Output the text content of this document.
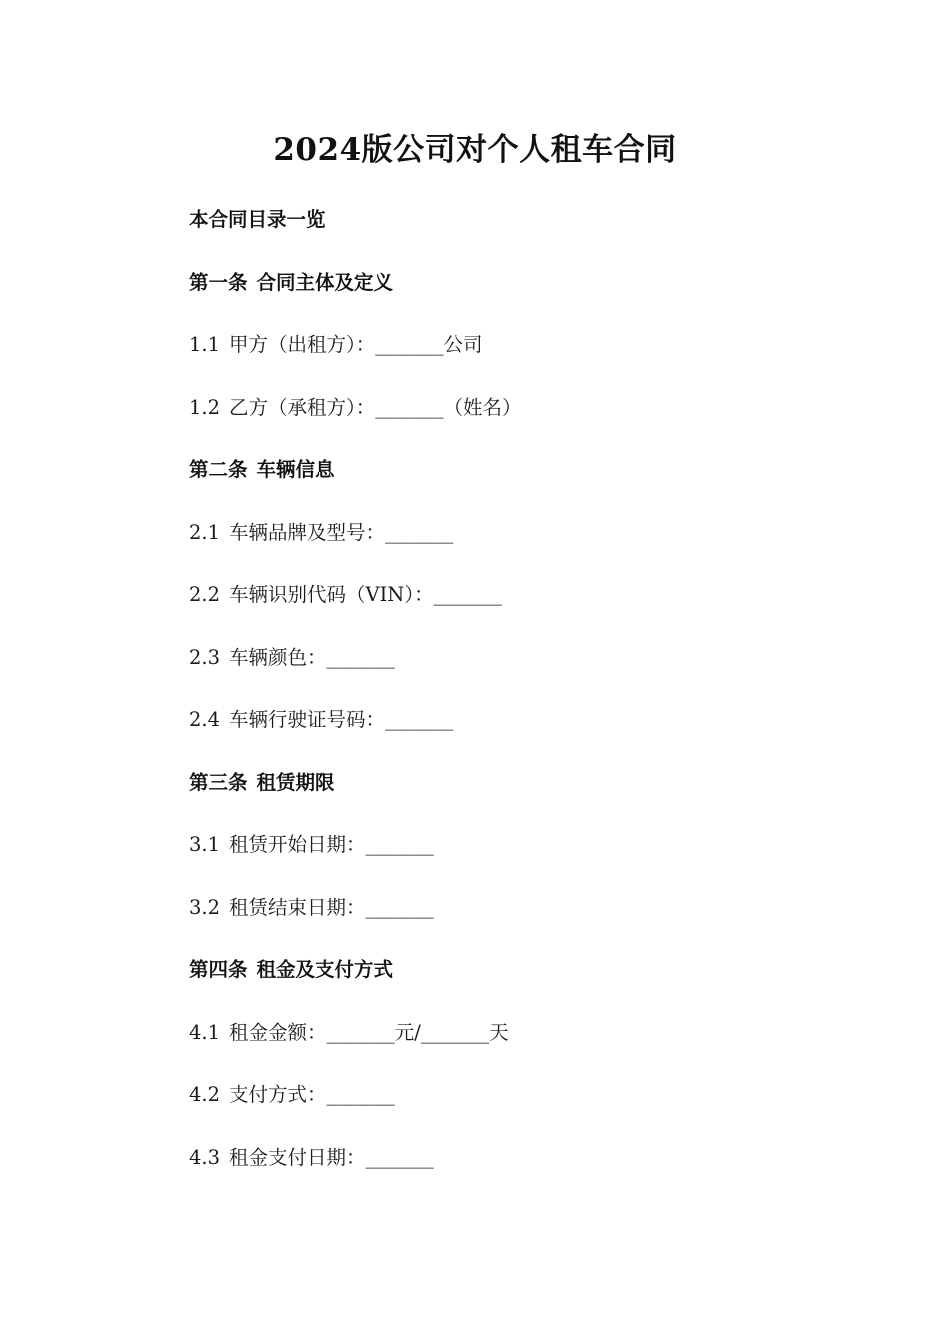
2024版公司对个人租车合同
本合同目录一览
第一条 合同主体及定义
1.1 甲方（出租方）：_______公司
1.2 乙方（承租方）：_______（姓名）
第二条 车辆信息
2.1 车辆品牌及型号：_______
2.2 车辆识别代码（VIN）：_______
2.3 车辆颜色：_______
2.4 车辆行驶证号码：_______
第三条 租赁期限
3.1 租赁开始日期：_______
3.2 租赁结束日期：_______
第四条 租金及支付方式
4.1 租金金额：_______元/_______天
4.2 支付方式：_______
4.3 租金支付日期：_______
